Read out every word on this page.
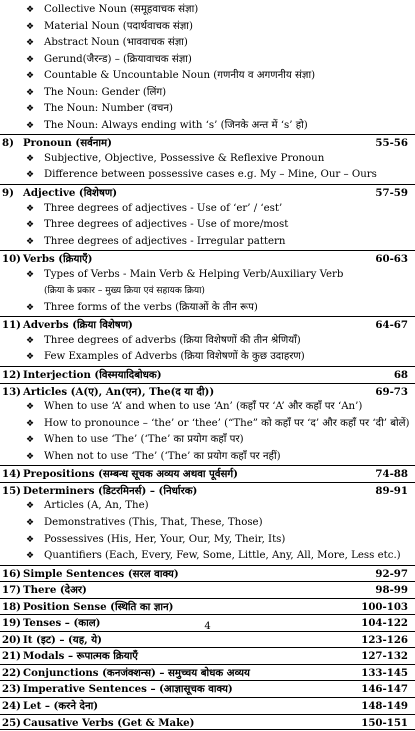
❖ Collective Noun (समूहवाचक संज्ञा)
❖ Material Noun (पदार्थवाचक संज्ञा)
❖ Abstract Noun (भाववाचक संज्ञा)
❖ Gerund(जैरन्ड) – (क्रियावाचक संज्ञा)
❖ Countable & Uncountable Noun (गणनीय व अगणनीय संज्ञा)
❖ The Noun: Gender (लिंग)
❖ The Noun: Number (वचन)
❖ The Noun: Always ending with ‘s’ (जिनके अन्त में ‘s’ हो)
8) Pronoun (सर्वनाम)	55-56
❖ Subjective, Objective, Possessive & Reflexive Pronoun
❖ Difference between possessive cases e.g. My – Mine, Our – Ours
9) Adjective (विशेषण)	57-59
❖ Three degrees of adjectives - Use of ‘er’ / ‘est’
❖ Three degrees of adjectives - Use of more/most
❖ Three degrees of adjectives - Irregular pattern
10) Verbs (क्रियाएँ)	60-63
❖ Types of Verbs - Main Verb & Helping Verb/Auxiliary Verb
(क्रिया के प्रकार – मुख्य क्रिया एवं सहायक क्रिया)
❖ Three forms of the verbs (क्रियाओं के तीन रूप)
11) Adverbs (क्रिया विशेषण)	64-67
❖ Three degrees of adverbs (क्रिया विशेषणों की तीन श्रेणियाँ)
❖ Few Examples of Adverbs (क्रिया विशेषणों के कुछ उदाहरण)
12) Interjection (विस्मयादिबोधक)	68
13) Articles (A(ए), An(एन), The(द या दी))	69-73
❖ When to use ‘A’ and when to use ‘An’ (कहाँ पर ‘A’ और कहाँ पर ‘An’)
❖ How to pronounce – ‘the’ or ‘thee’ (“The” को कहाँ पर ‘द’ और कहाँ पर ‘दी’ बोलें)
❖ When to use ‘The’ (‘The’ का प्रयोग कहाँ पर)
❖ When not to use ‘The’ (‘The’ का प्रयोग कहाँ पर नहीं)
14) Prepositions (सम्बन्ध सूचक अव्यय अथवा पूर्वसर्ग)	74-88
15) Determiners (डिटरमिनर्स) – (निर्धारक)	89-91
❖ Articles (A, An, The)
❖ Demonstratives (This, That, These, Those)
❖ Possessives (His, Her, Your, Our, My, Their, Its)
❖ Quantifiers (Each, Every, Few, Some, Little, Any, All, More, Less etc.)
16) Simple Sentences (सरल वाक्य)	92-97
17) There (देअर)	98-99
18) Position Sense (स्थिति का ज्ञान)	100-103
19) Tenses – (काल)	104-122
20) It (इट) – (यह, ये)	123-126
21) Modals – रूपात्मक क्रियाएँ	127-132
22) Conjunctions (कनजंक्शन्स) – समुच्चय बोधक अव्यय	133-145
23) Imperative Sentences – (आज्ञासूचक वाक्य)	146-147
24) Let – (करने देना)	148-149
25) Causative Verbs (Get & Make)	150-151
4
